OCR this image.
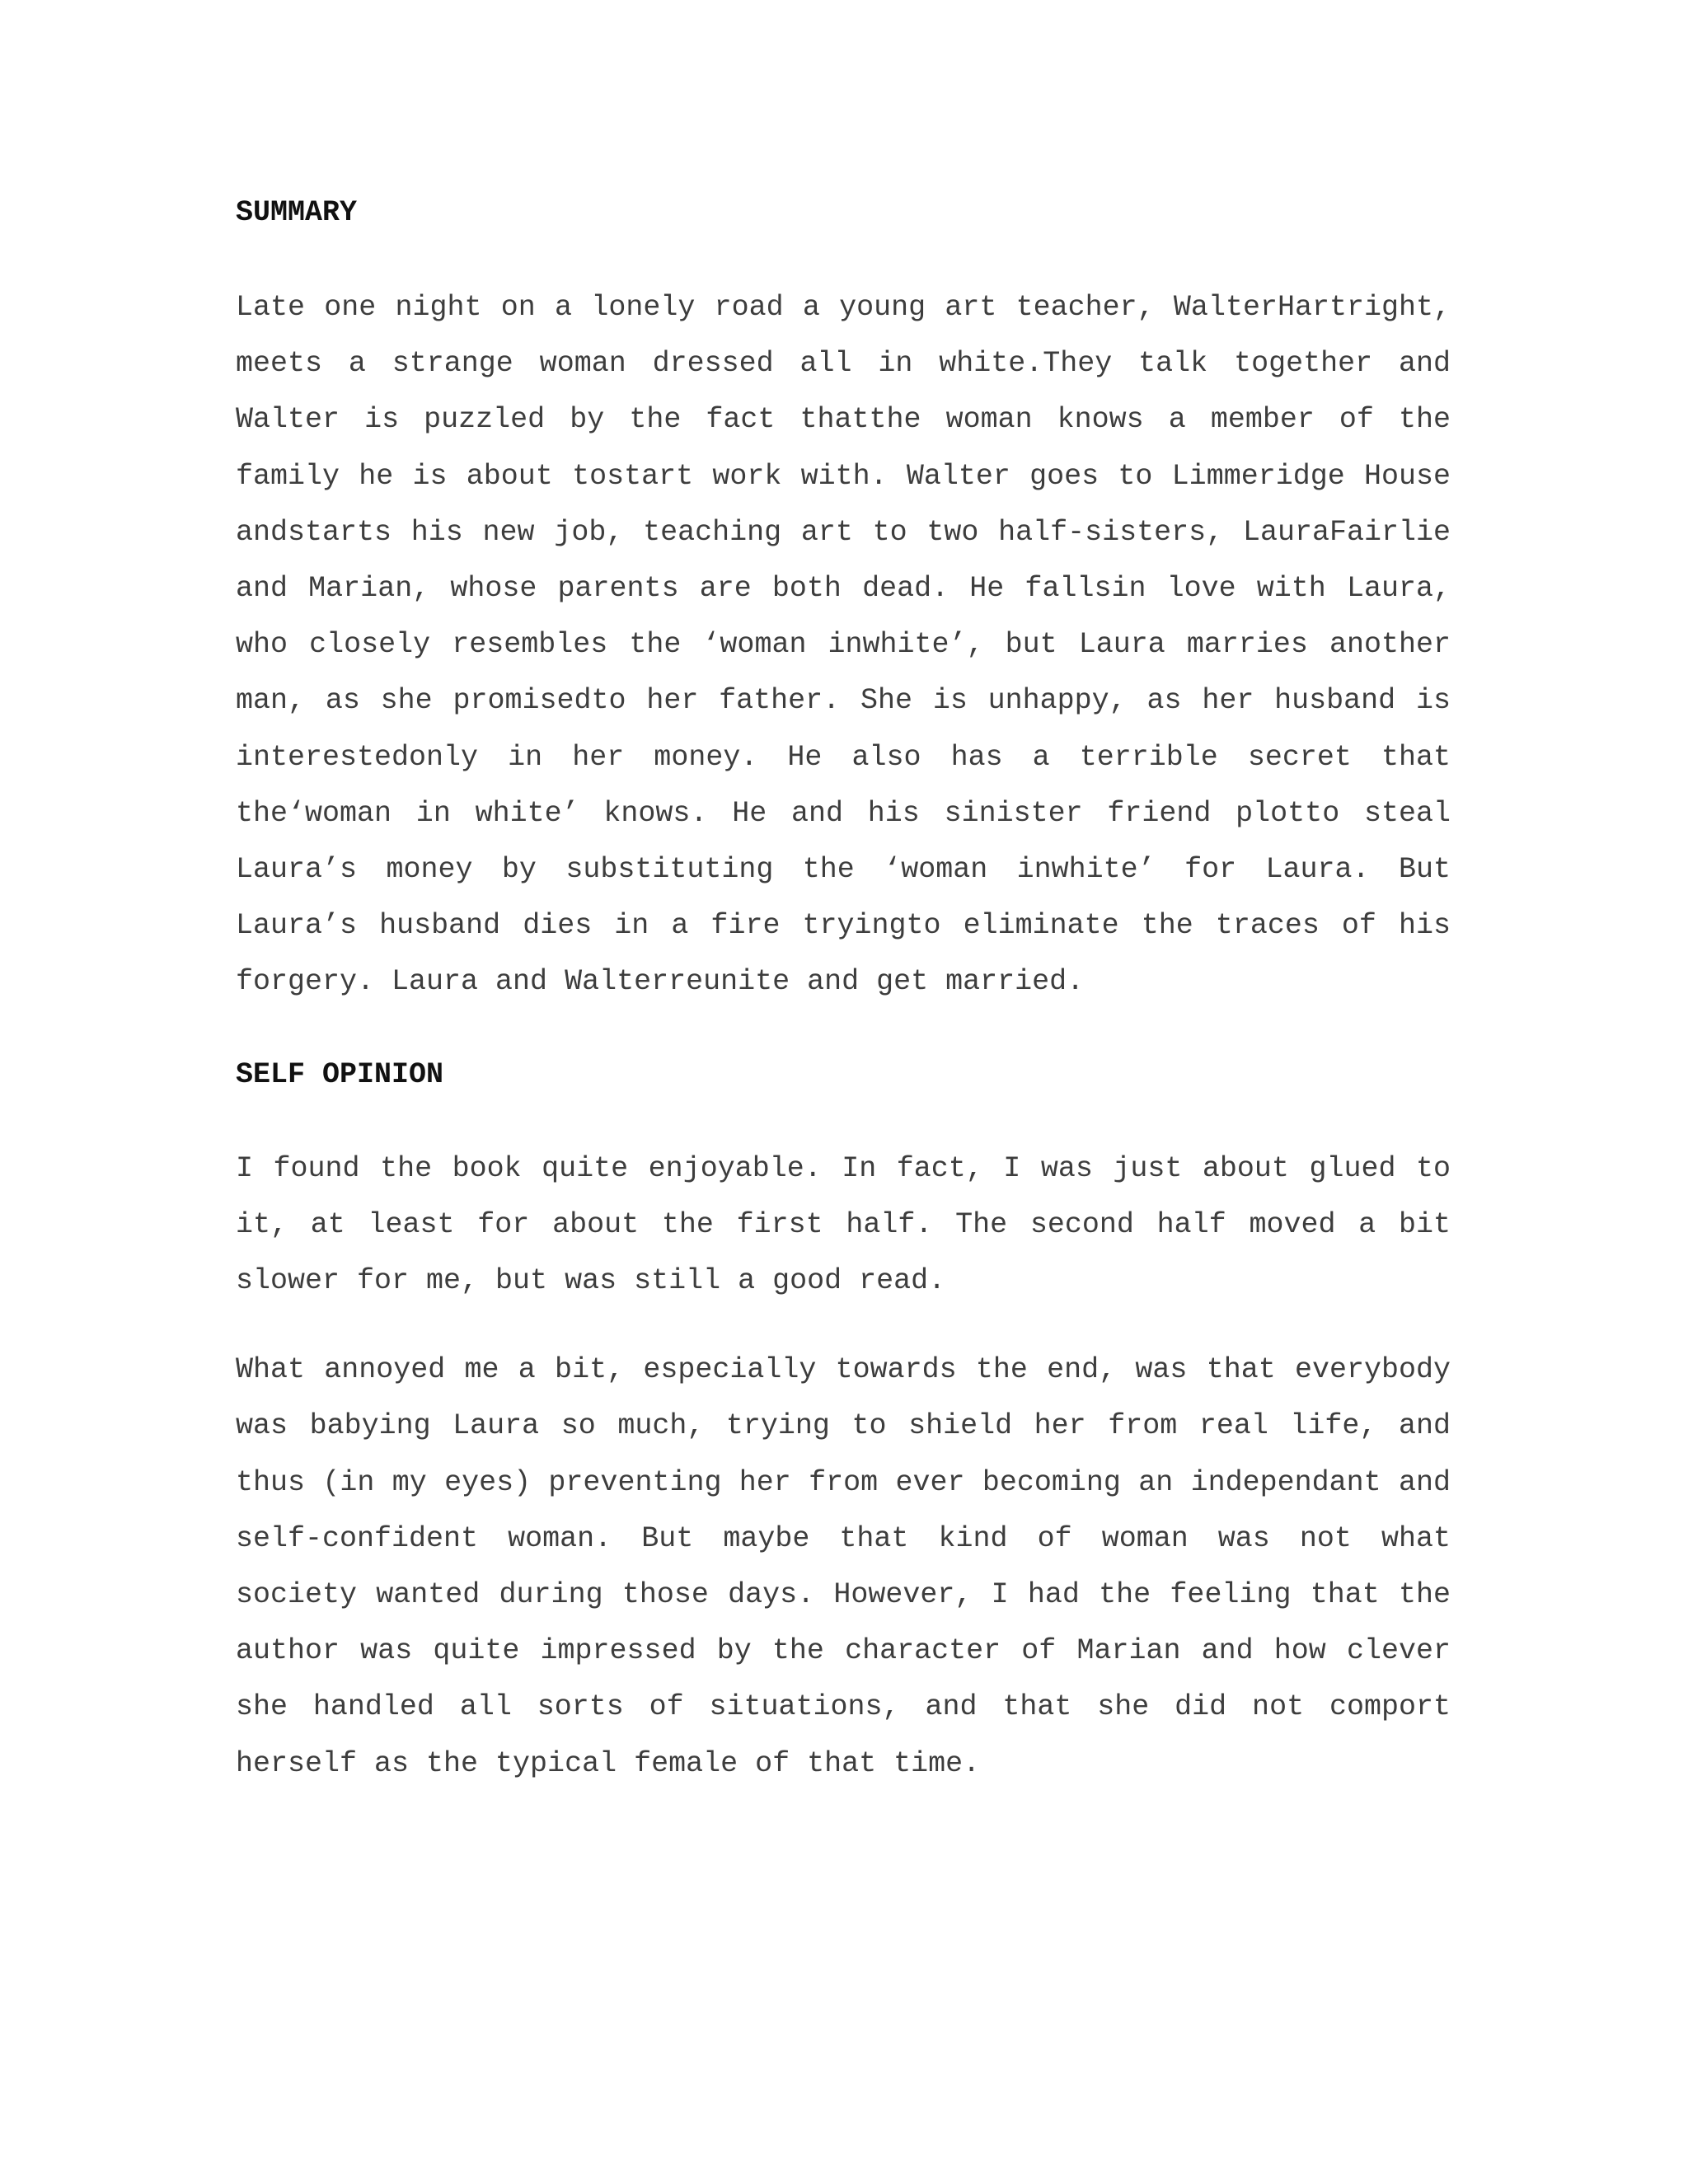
SUMMARY

Late one night on a lonely road a young art teacher, WalterHartright, meets a strange woman dressed all in white.They talk together and Walter is puzzled by the fact thatthe woman knows a member of the family he is about tostart work with. Walter goes to Limmeridge House andstarts his new job, teaching art to two half-sisters, LauraFairlie and Marian, whose parents are both dead. He fallsin love with Laura, who closely resembles the ‘woman inwhite’, but Laura marries another man, as she promisedto her father. She is unhappy, as her husband is interestedonly in her money. He also has a terrible secret that the‘woman in white’ knows. He and his sinister friend plotto steal Laura’s money by substituting the ‘woman inwhite’ for Laura. But Laura’s husband dies in a fire tryingto eliminate the traces of his forgery. Laura and Walterreunite and get married.

SELF OPINION

I found the book quite enjoyable. In fact, I was just about glued to it, at least for about the first half. The second half moved a bit slower for me, but was still a good read.

What annoyed me a bit, especially towards the end, was that everybody was babying Laura so much, trying to shield her from real life, and thus (in my eyes) preventing her from ever becoming an independant and self-confident woman. But maybe that kind of woman was not what society wanted during those days. However, I had the feeling that the author was quite impressed by the character of Marian and how clever she handled all sorts of situations, and that she did not comport herself as the typical female of that time.
